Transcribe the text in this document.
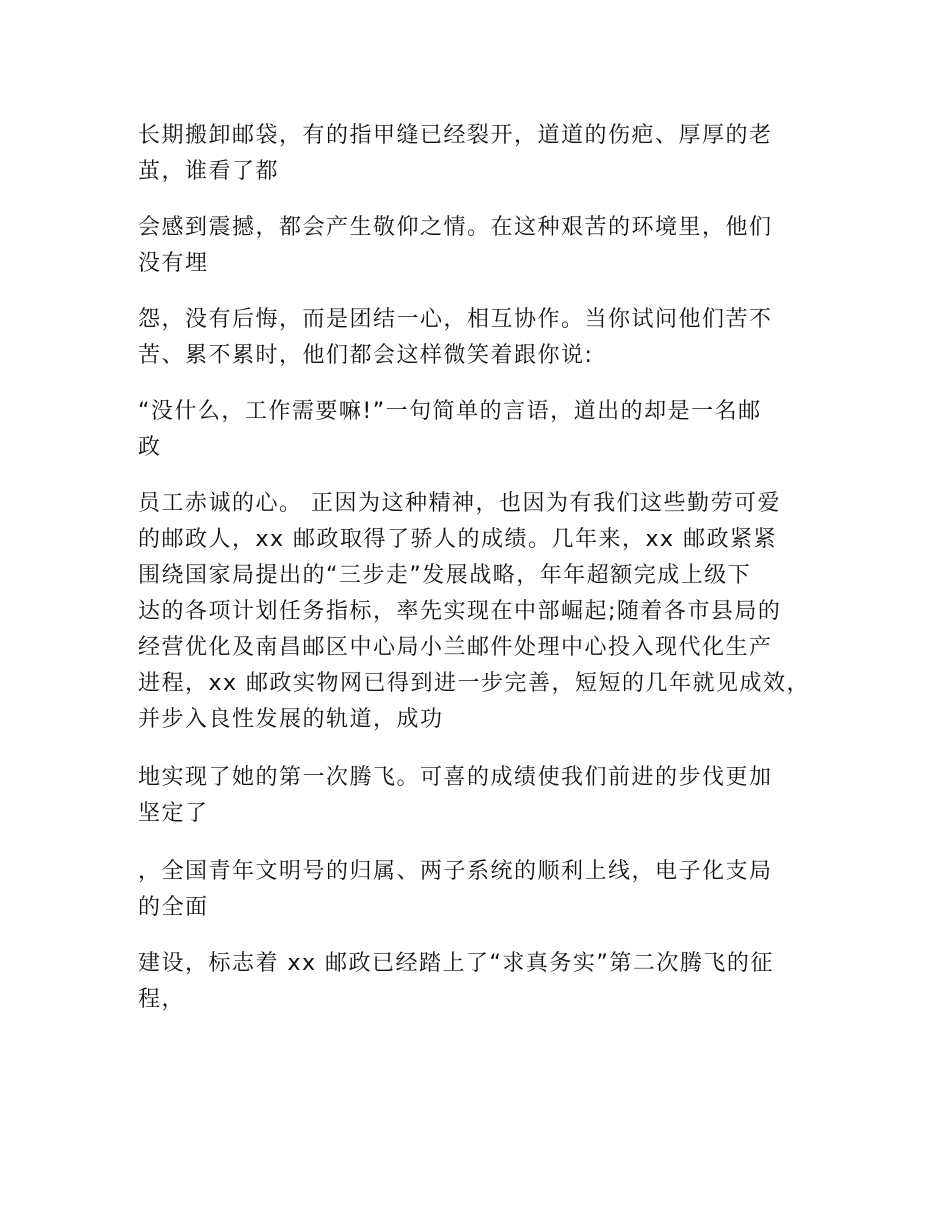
长期搬卸邮袋，有的指甲缝已经裂开，道道的伤疤、厚厚的老
茧，谁看了都
会感到震撼，都会产生敬仰之情。在这种艰苦的环境里，他们
没有埋
怨，没有后悔，而是团结一心，相互协作。当你试问他们苦不
苦、累不累时，他们都会这样微笑着跟你说:
“没什么，工作需要嘛!”一句简单的言语，道出的却是一名邮
政
员工赤诚的心。 正因为这种精神，也因为有我们这些勤劳可爱
的邮政人，xx 邮政取得了骄人的成绩。几年来，xx 邮政紧紧
围绕国家局提出的“三步走”发展战略，年年超额完成上级下
达的各项计划任务指标，率先实现在中部崛起;随着各市县局的
经营优化及南昌邮区中心局小兰邮件处理中心投入现代化生产
进程，xx 邮政实物网已得到进一步完善，短短的几年就见成效，
并步入良性发展的轨道，成功
地实现了她的第一次腾飞。可喜的成绩使我们前进的步伐更加
坚定了
，全国青年文明号的归属、两子系统的顺利上线，电子化支局
的全面
建设，标志着 xx 邮政已经踏上了“求真务实”第二次腾飞的征
程，
